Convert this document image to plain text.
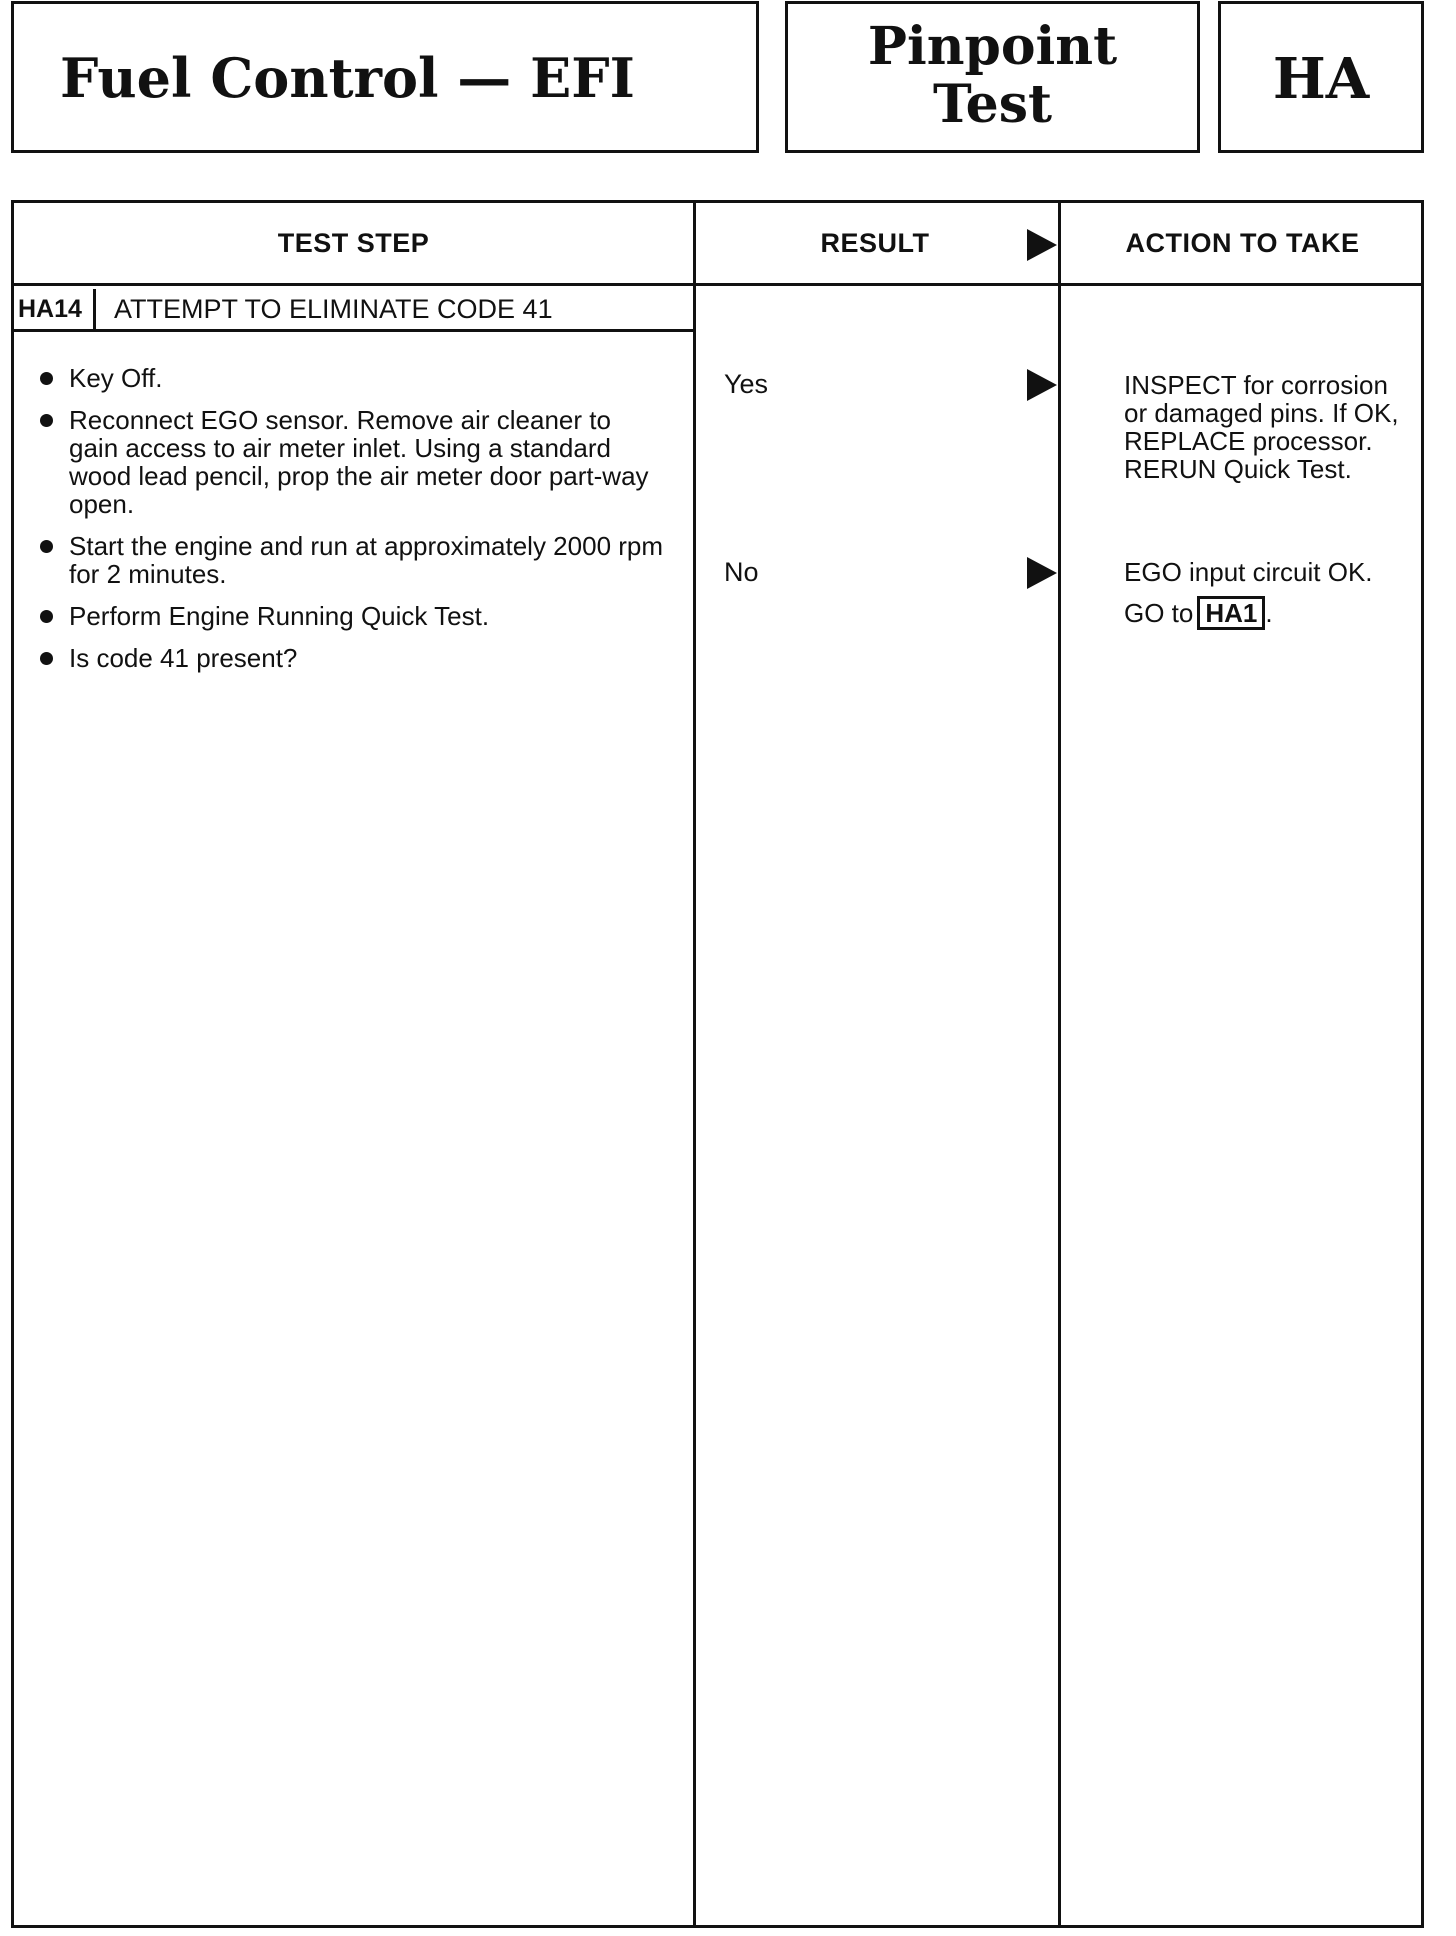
Fuel Control — EFI	Pinpoint
Test	HA
TEST STEP	RESULT	ACTION TO TAKE
HA14	ATTEMPT TO ELIMINATE CODE 41
Key Off.
Reconnect EGO sensor. Remove air cleaner to gain access to air meter inlet. Using a standard wood lead pencil, prop the air meter door part-way open.
Start the engine and run at approximately 2000 rpm for 2 minutes.
Perform Engine Running Quick Test.
Is code 41 present?
Yes	INSPECT for corrosion or damaged pins. If OK, REPLACE processor. RERUN Quick Test.
No	EGO input circuit OK.
GO to HA1 .
